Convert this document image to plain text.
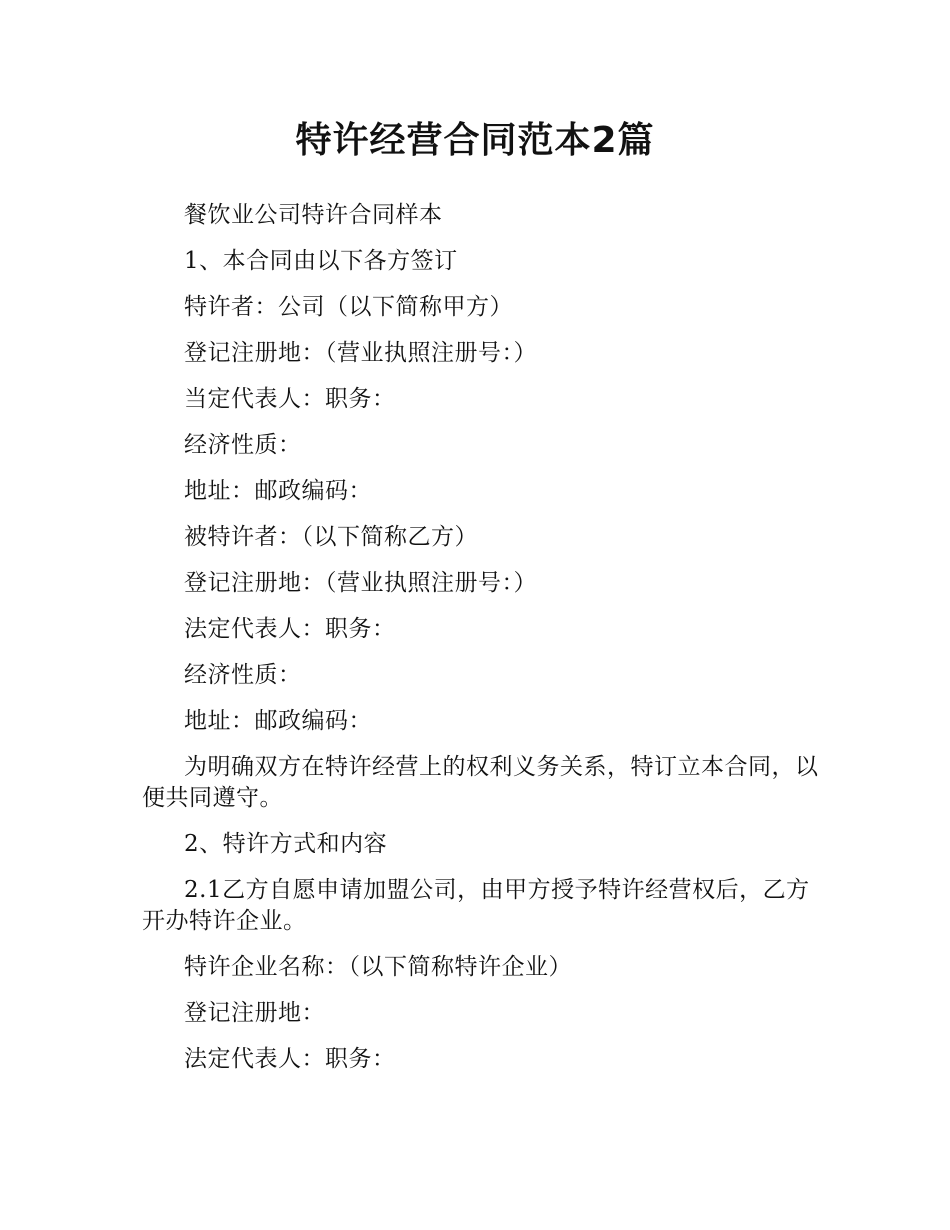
特许经营合同范本2篇

餐饮业公司特许合同样本

1、本合同由以下各方签订

特许者：公司（以下简称甲方）

登记注册地：（营业执照注册号：）

当定代表人：职务：

经济性质：

地址：邮政编码：

被特许者：（以下简称乙方）

登记注册地：（营业执照注册号：）

法定代表人：职务：

经济性质：

地址：邮政编码：

为明确双方在特许经营上的权利义务关系，特订立本合同，以便共同遵守。

2、特许方式和内容

2.1乙方自愿申请加盟公司，由甲方授予特许经营权后，乙方开办特许企业。

特许企业名称：（以下简称特许企业）

登记注册地：

法定代表人：职务：
